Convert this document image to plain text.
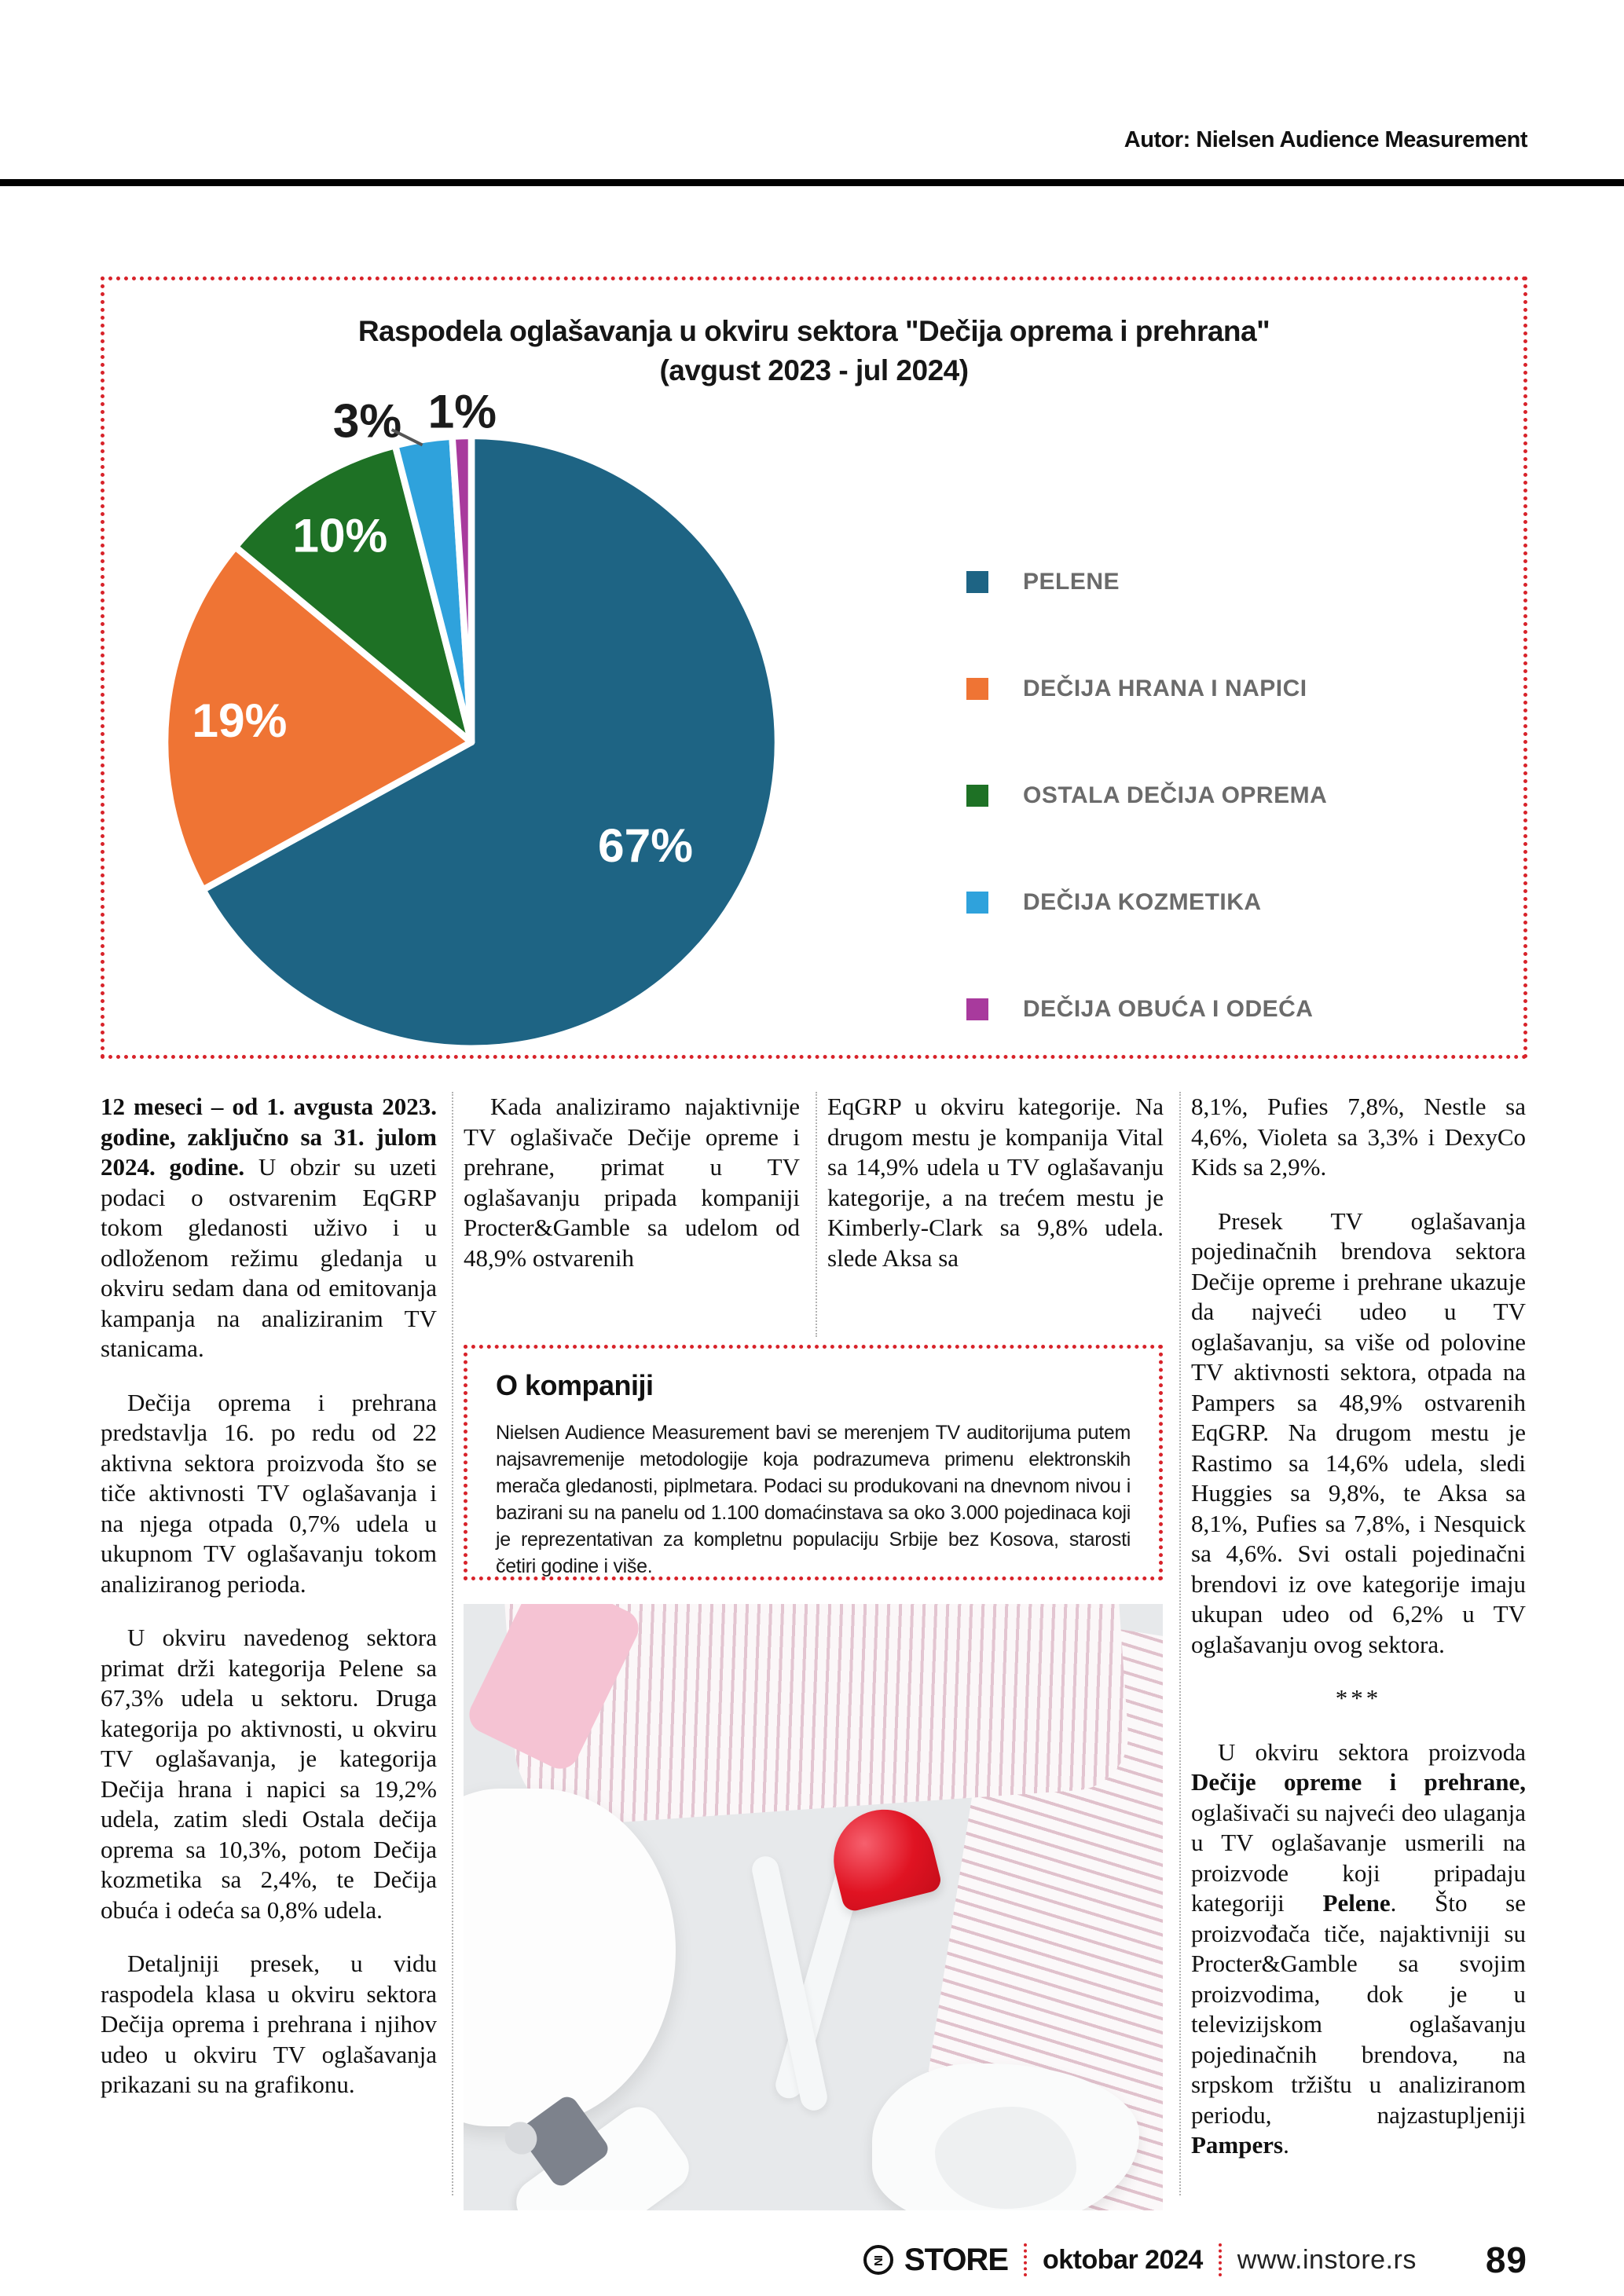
Autor: Nielsen Audience Measurement
Raspodela oglašavanja u okviru sektora "Dečija oprema i prehrana"
(avgust 2023 - jul 2024)
67%
19%
10%
3% 1%
PELENE
DEČIJA HRANA I NAPICI
OSTALA DEČIJA OPREMA
DEČIJA KOZMETIKA
DEČIJA OBUĆA I ODEĆA

12 meseci – od 1. avgusta 2023. godine, zaključno sa 31. julom 2024. godine. U obzir su uzeti podaci o ostvarenim EqGRP tokom gledanosti uživo i u odloženom režimu gledanja u okviru sedam dana od emitovanja kampanja na analiziranim TV stanicama.

Dečija oprema i prehrana predstavlja 16. po redu od 22 aktivna sektora proizvoda što se tiče aktivnosti TV oglašavanja i na njega otpada 0,7% udela u ukupnom TV oglašavanju tokom analiziranog perioda.

U okviru navedenog sektora primat drži kategorija Pelene sa 67,3% udela u sektoru. Druga kategorija po aktivnosti, u okviru TV oglašavanja, je kategorija Dečija hrana i napici sa 19,2% udela, zatim sledi Ostala dečija oprema sa 10,3%, potom Dečija kozmetika sa 2,4%, te Dečija obuća i odeća sa 0,8% udela.

Detaljniji presek, u vidu raspodela klasa u okviru sektora Dečija oprema i prehrana i njihov udeo u okviru TV oglašavanja prikazani su na grafikonu.

Kada analiziramo najaktivnije TV oglašivače Dečije opreme i prehrane, primat u TV oglašavanju pripada kompaniji Procter&Gamble sa udelom od 48,9% ostvarenih

EqGRP u okviru kategorije. Na drugom mestu je kompanija Vital sa 14,9% udela u TV oglašavanju kategorije, a na trećem mestu je Kimberly-Clark sa 9,8% udela. slede Aksa sa

8,1%, Pufies 7,8%, Nestle sa 4,6%, Violeta sa 3,3% i DexyCo Kids sa 2,9%.

Presek TV oglašavanja pojedinačnih brendova sektora Dečije opreme i prehrane ukazuje da najveći udeo u TV oglašavanju, sa više od polovine TV aktivnosti sektora, otpada na Pampers sa 48,9% ostvarenih EqGRP. Na drugom mestu je Rastimo sa 14,6% udela, sledi Huggies sa 9,8%, te Aksa sa 8,1%, Pufies sa 7,8%, i Nesquick sa 4,6%. Svi ostali pojedinačni brendovi iz ove kategorije imaju ukupan udeo od 6,2% u TV oglašavanju ovog sektora.

***

U okviru sektora proizvoda Dečije opreme i prehrane, oglašivači su najveći deo ulaganja u TV oglašavanje usmerili na proizvode koji pripadaju kategoriji Pelene. Što se proizvođača tiče, najaktivniji su Procter&Gamble sa svojim proizvodima, dok je u televizijskom oglašavanju pojedinačnih brendova, na srpskom tržištu u analiziranom periodu, najzastupljeniji Pampers.

O kompaniji

Nielsen Audience Measurement bavi se merenjem TV auditorijuma putem najsavremenije metodologije koja podrazumeva primenu elektronskih merača gledanosti, piplmetara. Podaci su produkovani na dnevnom nivou i bazirani su na panelu od 1.100 domaćinstava sa oko 3.000 pojedinaca koji je reprezentativan za kompletnu populaciju Srbije bez Kosova, starosti četiri godine i više.

IN STORE oktobar 2024 www.instore.rs 89
